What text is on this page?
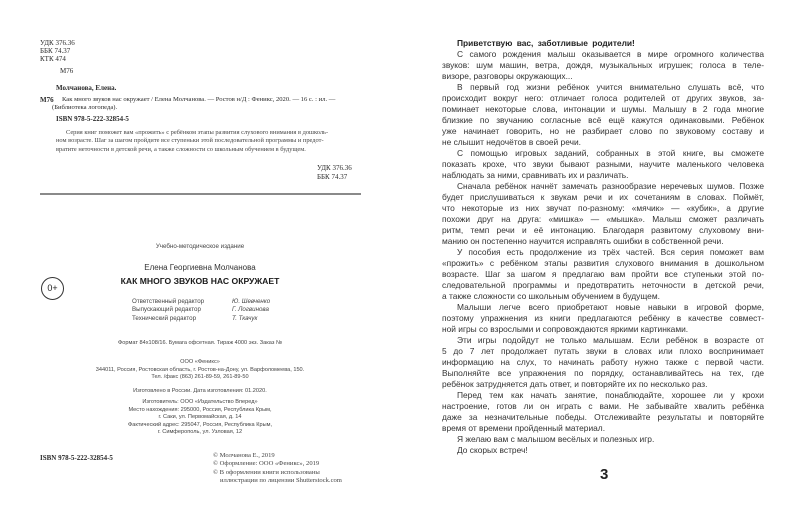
УДК 376.36
ББК 74.37
КТК 474
М76
Молчанова, Елена.
М76 Как много звуков нас окружает / Елена Молчанова. — Ростов н/Д : Феникс, 2020. — 16 с. : ил. —
(Библиотека логопеда).
ISBN 978-5-222-32854-5
Серия книг поможет вам «прожить» с ребёнком этапы развития слухового внимания в дошколь-
ном возрасте. Шаг за шагом пройдите все ступеньки этой последовательной программы и предот-
вратите неточности в детской речи, а также сложности со школьным обучением в будущем.
УДК 376.36
ББК 74.37
Учебно-методическое издание
Елена Георгиевна Молчанова
КАК МНОГО ЗВУКОВ НАС ОКРУЖАЕТ
0+
Ответственный редактор	Ю. Шевченко
Выпускающий редактор	Г. Логвинова
Технический редактор	Т. Ткачук
Формат 84х108/16. Бумага офсетная. Тираж 4000 экз. Заказ №
ООО «Феникс»
344011, Россия, Ростовская область, г. Ростов-на-Дону, ул. Варфоломеева, 150.
Тел. /факс (863) 261-89-59, 261-89-50
Изготовлено в России. Дата изготовления: 01.2020.
Изготовитель: ООО «Издательство Вперед»
Место нахождения: 295000, Россия, Республика Крым,
г. Саки, ул. Первомайская, д. 14
Фактический адрес: 295047, Россия, Республика Крым,
г. Симферополь, ул. Узловая, 12
ISBN 978-5-222-32854-5	© Молчанова Е., 2019
© Оформление: ООО «Феникс», 2019
© В оформлении книги использованы
иллюстрации по лицензии Shutterstock.com
Приветствую вас, заботливые родители!
С самого рождения малыш оказывается в мире огромного количества
звуков: шум машин, ветра, дождя, музыкальных игрушек; голоса в теле-
визоре, разговоры окружающих...
В первый год жизни ребёнок учится внимательно слушать всё, что
происходит вокруг него: отличает голоса родителей от других звуков, за-
поминает некоторые слова, интонации и шумы. Малышу в 2 года многие
близкие по звучанию согласные всё ещё кажутся одинаковыми. Ребёнок
уже начинает говорить, но не разбирает слово по звуковому составу и
не слышит недочётов в своей речи.
С помощью игровых заданий, собранных в этой книге, вы сможете
показать крохе, что звуки бывают разными, научите маленького человека
наблюдать за ними, сравнивать их и различать.
Сначала ребёнок начнёт замечать разнообразие неречевых шумов. Позже
будет прислушиваться к звукам речи и их сочетаниям в словах. Поймёт,
что некоторые из них звучат по-разному: «мячик» — «кубик», а другие
похожи друг на друга: «мишка» — «мышка». Малыш сможет различать
ритм, темп речи и её интонацию. Благодаря развитому слуховому вни-
манию он постепенно научится исправлять ошибки в собственной речи.
У пособия есть продолжение из трёх частей. Вся серия поможет вам
«прожить» с ребёнком этапы развития слухового внимания в дошкольном
возрасте. Шаг за шагом я предлагаю вам пройти все ступеньки этой по-
следовательной программы и предотвратить неточности в детской речи,
а также сложности со школьным обучением в будущем.
Малыши легче всего приобретают новые навыки в игровой форме,
поэтому упражнения из книги предлагаются ребёнку в качестве совмест-
ной игры со взрослыми и сопровождаются яркими картинками.
Эти игры подойдут не только малышам. Если ребёнок в возрасте от
5 до 7 лет продолжает путать звуки в словах или плохо воспринимает
информацию на слух, то начинать работу нужно также с первой части.
Выполняйте все упражнения по порядку, останавливайтесь на тех, где
ребёнок затрудняется дать ответ, и повторяйте их по несколько раз.
Перед тем как начать занятие, понаблюдайте, хорошее ли у крохи
настроение, готов ли он играть с вами. Не забывайте хвалить ребёнка
даже за незначительные победы. Отслеживайте результаты и повторяйте
время от времени пройденный материал.
Я желаю вам с малышом весёлых и полезных игр.
До скорых встреч!
3
